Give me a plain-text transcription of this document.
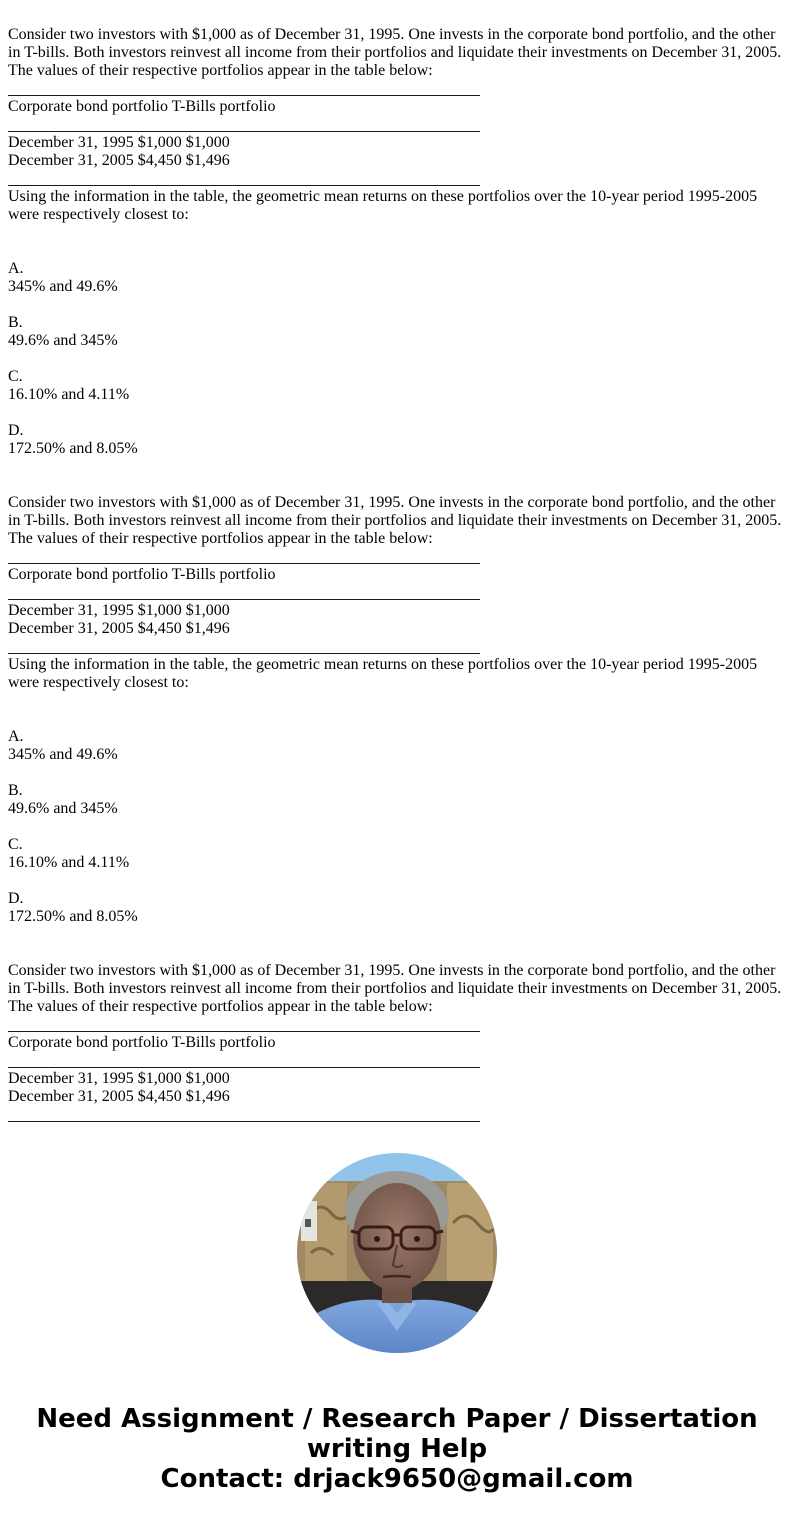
Consider two investors with $1,000 as of December 31, 1995. One invests in the corporate bond portfolio, and the other in T-bills. Both investors reinvest all income from their portfolios and liquidate their investments on December 31, 2005. The values of their respective portfolios appear in the table below:

Corporate bond portfolio T-Bills portfolio

December 31, 1995 $1,000 $1,000

December 31, 2005 $4,450 $1,496

Using the information in the table, the geometric mean returns on these portfolios over the 10-year period 1995-2005 were respectively closest to:

A.
345% and 49.6%
B.
49.6% and 345%
C.
16.10% and 4.11%
D.
172.50% and 8.05%

Consider two investors with $1,000 as of December 31, 1995. One invests in the corporate bond portfolio, and the other in T-bills. Both investors reinvest all income from their portfolios and liquidate their investments on December 31, 2005. The values of their respective portfolios appear in the table below:

Corporate bond portfolio T-Bills portfolio

December 31, 1995 $1,000 $1,000

December 31, 2005 $4,450 $1,496

Using the information in the table, the geometric mean returns on these portfolios over the 10-year period 1995-2005 were respectively closest to:

A.
345% and 49.6%
B.
49.6% and 345%
C.
16.10% and 4.11%
D.
172.50% and 8.05%

Consider two investors with $1,000 as of December 31, 1995. One invests in the corporate bond portfolio, and the other in T-bills. Both investors reinvest all income from their portfolios and liquidate their investments on December 31, 2005. The values of their respective portfolios appear in the table below:

Corporate bond portfolio T-Bills portfolio

December 31, 1995 $1,000 $1,000

December 31, 2005 $4,450 $1,496

Need Assignment / Research Paper / Dissertation
writing Help
Contact: drjack9650@gmail.com
